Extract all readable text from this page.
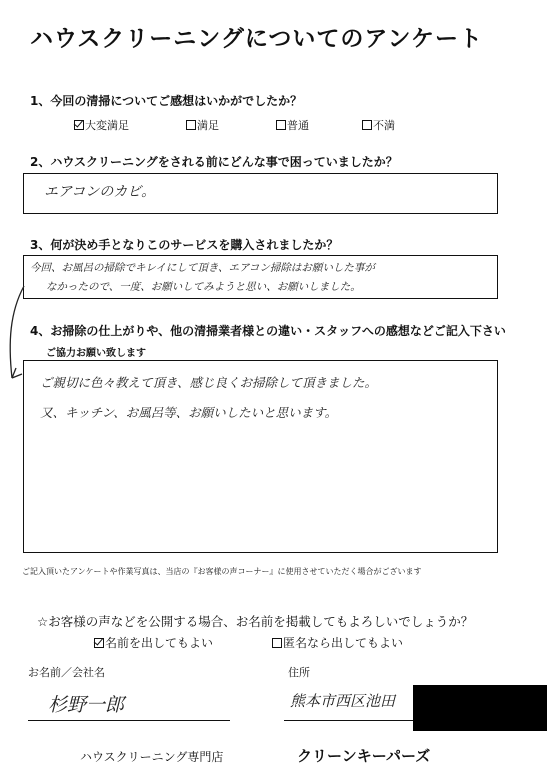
ハウスクリーニングについてのアンケート
1、今回の清掃についてご感想はいかがでしたか？
大変満足	満足	普通	不満
2、ハウスクリーニングをされる前にどんな事で困っていましたか？
エアコンのカビ。
3、何が決め手となりこのサービスを購入されましたか？
今回、お風呂の掃除でキレイにして頂き、エアコン掃除はお願いした事が
なかったので、一度、お願いしてみようと思い、お願いしました。
4、お掃除の仕上がりや、他の清掃業者様との違い・スタッフへの感想などご記入下さい
ご協力お願い致します
ご親切に色々教えて頂き、感じ良くお掃除して頂きました。
又、キッチン、お風呂等、お願いしたいと思います。
ご記入頂いたアンケートや作業写真は、当店の『お客様の声コーナー』に使用させていただく場合がございます
☆お客様の声などを公開する場合、お名前を掲載してもよろしいでしょうか？
名前を出してもよい	匿名なら出してもよい
お名前／会社名	住所
杉野一郎	熊本市西区池田
ハウスクリーニング専門店	クリーンキーパーズ
